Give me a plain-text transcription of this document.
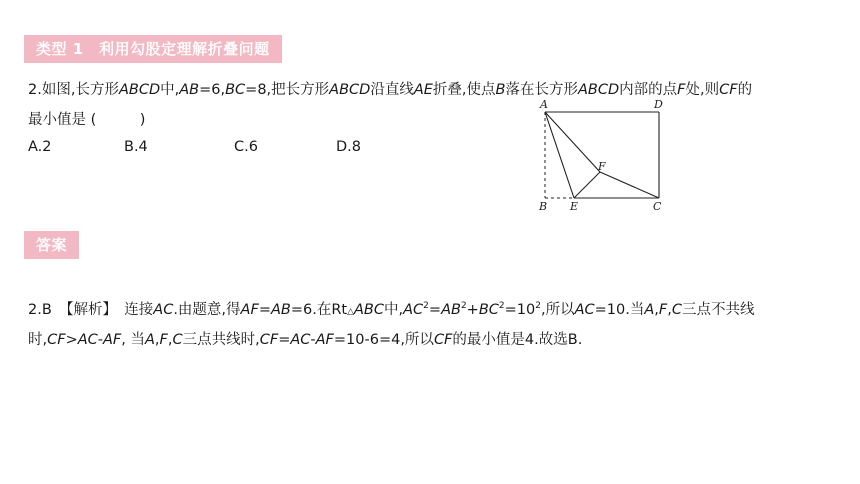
类型 1　利用勾股定理解折叠问题
2.如图,长方形ABCD中,AB=6,BC=8,把长方形ABCD沿直线AE折叠,使点B落在长方形ABCD内部的点F处,则CF的
最小值是 (　　　)
A.2	B.4	C.6	D.8
A	D
F
B E	C
答案
2.B　【解析】　连接AC.由题意,得AF=AB=6.在Rt△ABC中$,AC^2=AB^2+BC^2=10^2$,所以AC=10.当A,F,C三点不共线
时,CF>AC-AF, 当A,F,C三点共线时,CF=AC-AF=10-6=4,所以CF的最小值是4.故选B.
